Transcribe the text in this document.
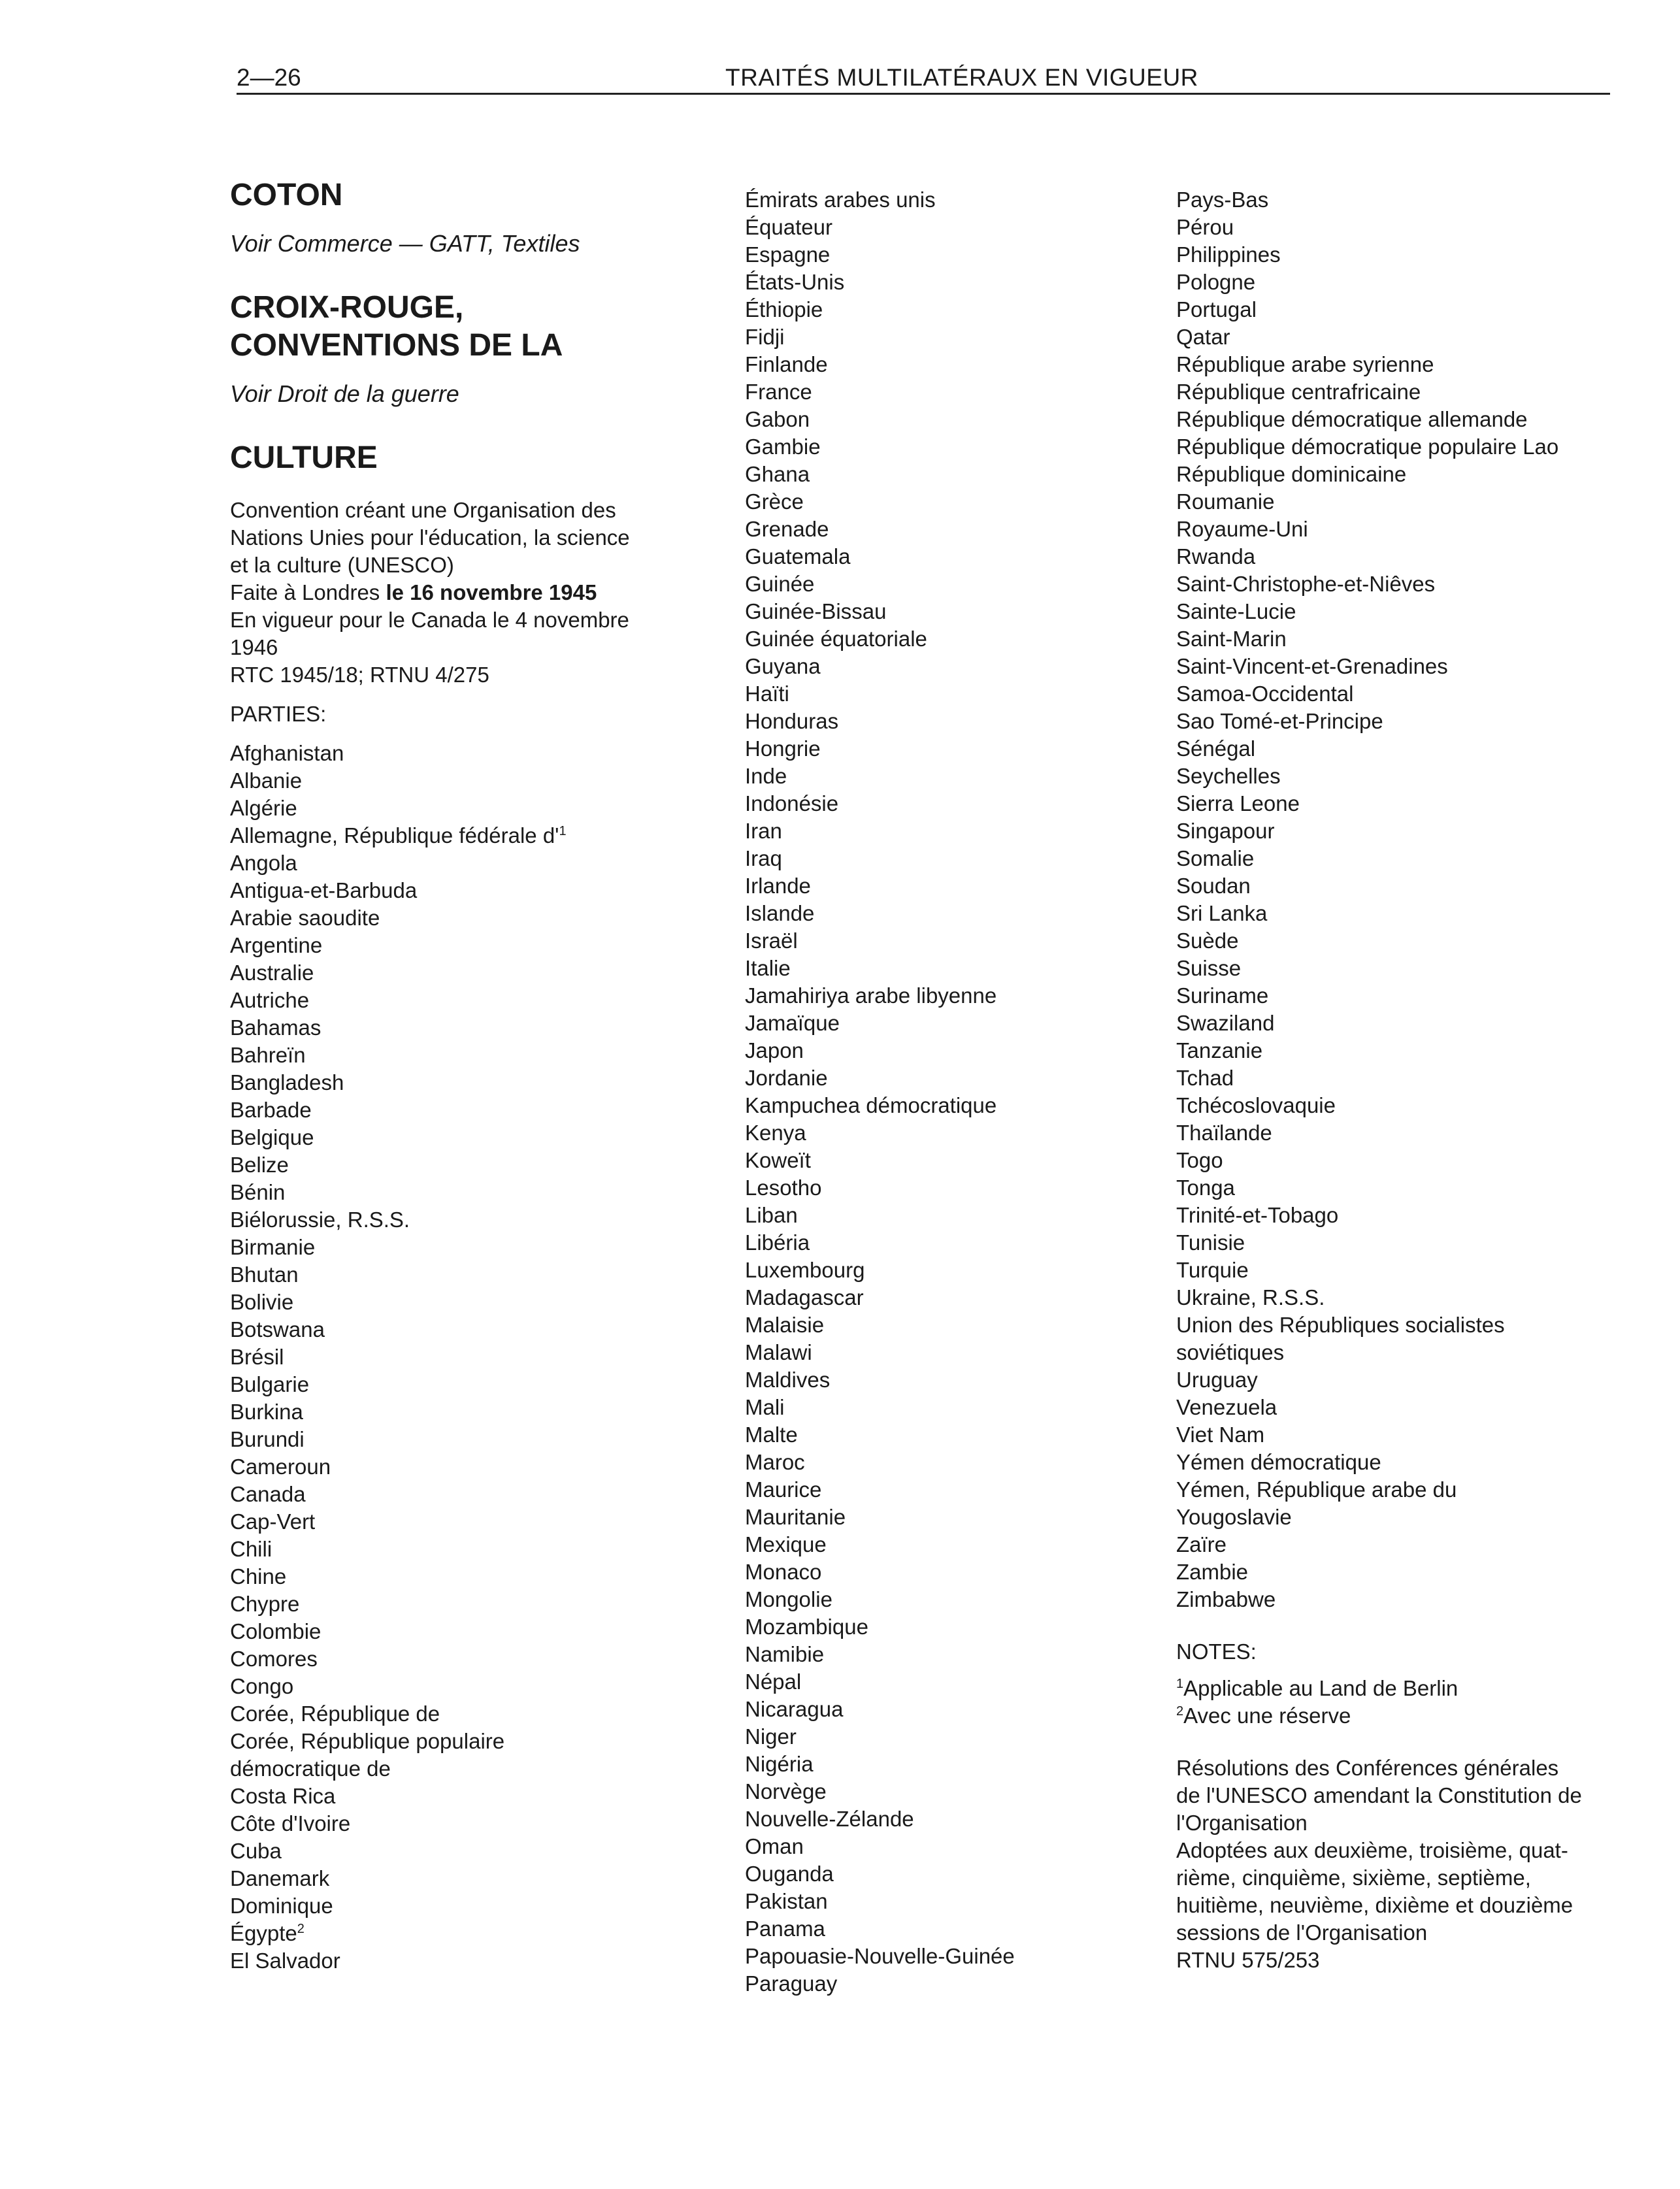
2—26	TRAITÉS MULTILATÉRAUX EN VIGUEUR
COTON
Voir Commerce — GATT, Textiles
CROIX-ROUGE,
CONVENTIONS DE LA
Voir Droit de la guerre
CULTURE
Convention créant une Organisation des
Nations Unies pour l'éducation, la science
et la culture (UNESCO)
Faite à Londres le 16 novembre 1945
En vigueur pour le Canada le 4 novembre
1946
RTC 1945/18; RTNU 4/275
PARTIES:
Afghanistan
Albanie
Algérie
Allemagne, République fédérale $d'^1$
Angola
Antigua-et-Barbuda
Arabie saoudite
Argentine
Australie
Autriche
Bahamas
Bahreïn
Bangladesh
Barbade
Belgique
Belize
Bénin
Biélorussie, R.S.S.
Birmanie
Bhutan
Bolivie
Botswana
Brésil
Bulgarie
Burkina
Burundi
Cameroun
Canada
Cap-Vert
Chili
Chine
Chypre
Colombie
Comores
Congo
Corée, République de
Corée, République populaire
démocratique de
Costa Rica
Côte d'Ivoire
Cuba
Danemark
Dominique
Égypte$^2$
El Salvador
Émirats arabes unis
Équateur
Espagne
États-Unis
Éthiopie
Fidji
Finlande
France
Gabon
Gambie
Ghana
Grèce
Grenade
Guatemala
Guinée
Guinée-Bissau
Guinée équatoriale
Guyana
Haïti
Honduras
Hongrie
Inde
Indonésie
Iran
Iraq
Irlande
Islande
Israël
Italie
Jamahiriya arabe libyenne
Jamaïque
Japon
Jordanie
Kampuchea démocratique
Kenya
Koweït
Lesotho
Liban
Libéria
Luxembourg
Madagascar
Malaisie
Malawi
Maldives
Mali
Malte
Maroc
Maurice
Mauritanie
Mexique
Monaco
Mongolie
Mozambique
Namibie
Népal
Nicaragua
Niger
Nigéria
Norvège
Nouvelle-Zélande
Oman
Ouganda
Pakistan
Panama
Papouasie-Nouvelle-Guinée
Paraguay
Pays-Bas
Pérou
Philippines
Pologne
Portugal
Qatar
République arabe syrienne
République centrafricaine
République démocratique allemande
République démocratique populaire Lao
République dominicaine
Roumanie
Royaume-Uni
Rwanda
Saint-Christophe-et-Niêves
Sainte-Lucie
Saint-Marin
Saint-Vincent-et-Grenadines
Samoa-Occidental
Sao Tomé-et-Principe
Sénégal
Seychelles
Sierra Leone
Singapour
Somalie
Soudan
Sri Lanka
Suède
Suisse
Suriname
Swaziland
Tanzanie
Tchad
Tchécoslovaquie
Thaïlande
Togo
Tonga
Trinité-et-Tobago
Tunisie
Turquie
Ukraine, R.S.S.
Union des Républiques socialistes
soviétiques
Uruguay
Venezuela
Viet Nam
Yémen démocratique
Yémen, République arabe du
Yougoslavie
Zaïre
Zambie
Zimbabwe
NOTES:
$^1$Applicable au Land de Berlin
$^2$Avec une réserve
Résolutions des Conférences générales
de l'UNESCO amendant la Constitution de
l'Organisation
Adoptées aux deuxième, troisième, quat-
rième, cinquième, sixième, septième,
huitième, neuvième, dixième et douzième
sessions de l'Organisation
RTNU 575/253
